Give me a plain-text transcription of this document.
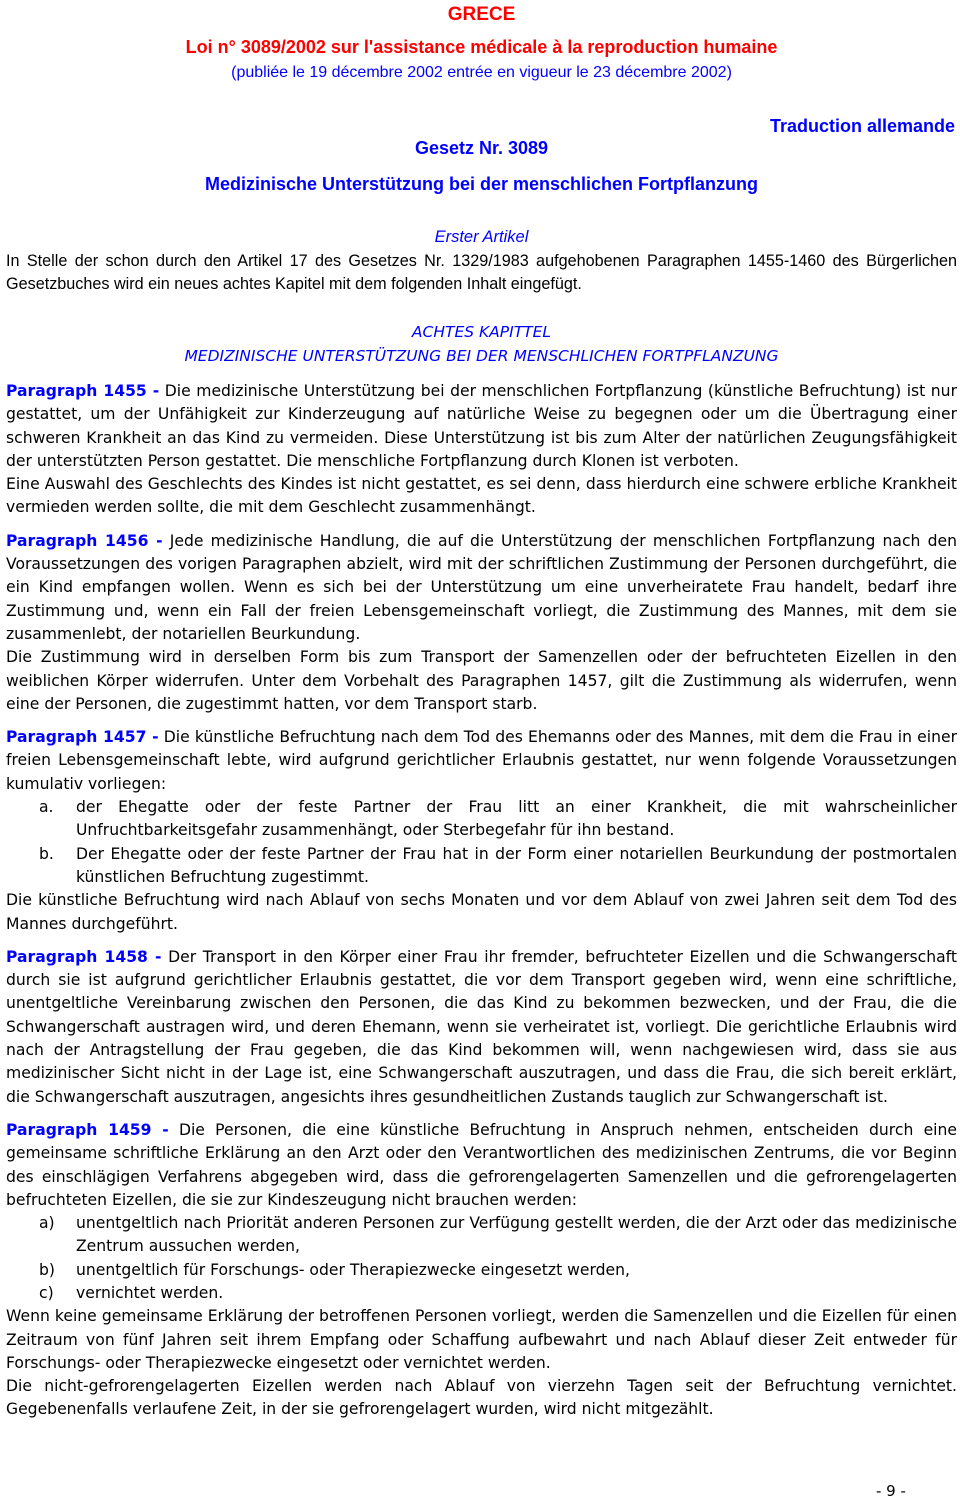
GRECE
Loi n° 3089/2002 sur l'assistance médicale à la reproduction humaine
(publiée le 19 décembre 2002 entrée en vigueur le 23 décembre 2002)
Traduction allemande
Gesetz Nr. 3089
Medizinische Unterstützung bei der menschlichen Fortpflanzung
Erster Artikel
In Stelle der schon durch den Artikel 17 des Gesetzes Nr. 1329/1983 aufgehobenen Paragraphen 1455-1460 des Bürgerlichen Gesetzbuches wird ein neues achtes Kapitel mit dem folgenden Inhalt eingefügt.
ACHTES KAPITTEL
MEDIZINISCHE UNTERSTÜTZUNG BEI DER MENSCHLICHEN FORTPFLANZUNG

Paragraph 1455 - Die medizinische Unterstützung bei der menschlichen Fortpflanzung (künstliche Befruchtung) ist nur gestattet, um der Unfähigkeit zur Kinderzeugung auf natürliche Weise zu begegnen oder um die Übertragung einer schweren Krankheit an das Kind zu vermeiden. Diese Unterstützung ist bis zum Alter der natürlichen Zeugungsfähigkeit der unterstützten Person gestattet. Die menschliche Fortpflanzung durch Klonen ist verboten.

Eine Auswahl des Geschlechts des Kindes ist nicht gestattet, es sei denn, dass hierdurch eine schwere erbliche Krankheit vermieden werden sollte, die mit dem Geschlecht zusammenhängt.

Paragraph 1456 - Jede medizinische Handlung, die auf die Unterstützung der menschlichen Fortpflanzung nach den Voraussetzungen des vorigen Paragraphen abzielt, wird mit der schriftlichen Zustimmung der Personen durchgeführt, die ein Kind empfangen wollen. Wenn es sich bei der Unterstützung um eine unverheiratete Frau handelt, bedarf ihre Zustimmung und, wenn ein Fall der freien Lebensgemeinschaft vorliegt, die Zustimmung des Mannes, mit dem sie zusammenlebt, der notariellen Beurkundung.

Die Zustimmung wird in derselben Form bis zum Transport der Samenzellen oder der befruchteten Eizellen in den weiblichen Körper widerrufen. Unter dem Vorbehalt des Paragraphen 1457, gilt die Zustimmung als widerrufen, wenn eine der Personen, die zugestimmt hatten, vor dem Transport starb.

Paragraph 1457 - Die künstliche Befruchtung nach dem Tod des Ehemanns oder des Mannes, mit dem die Frau in einer freien Lebensgemeinschaft lebte, wird aufgrund gerichtlicher Erlaubnis gestattet, nur wenn folgende Voraussetzungen kumulativ vorliegen:

a.	der Ehegatte oder der feste Partner der Frau litt an einer Krankheit, die mit wahrscheinlicher Unfruchtbarkeitsgefahr zusammenhängt, oder Sterbegefahr für ihn bestand.
b.	Der Ehegatte oder der feste Partner der Frau hat in der Form einer notariellen Beurkundung der postmortalen künstlichen Befruchtung zugestimmt.

Die künstliche Befruchtung wird nach Ablauf von sechs Monaten und vor dem Ablauf von zwei Jahren seit dem Tod des Mannes durchgeführt.

Paragraph 1458 - Der Transport in den Körper einer Frau ihr fremder, befruchteter Eizellen und die Schwangerschaft durch sie ist aufgrund gerichtlicher Erlaubnis gestattet, die vor dem Transport gegeben wird, wenn eine schriftliche, unentgeltliche Vereinbarung zwischen den Personen, die das Kind zu bekommen bezwecken, und der Frau, die die Schwangerschaft austragen wird, und deren Ehemann, wenn sie verheiratet ist, vorliegt. Die gerichtliche Erlaubnis wird nach der Antragstellung der Frau gegeben, die das Kind bekommen will, wenn nachgewiesen wird, dass sie aus medizinischer Sicht nicht in der Lage ist, eine Schwangerschaft auszutragen, und dass die Frau, die sich bereit erklärt, die Schwangerschaft auszutragen, angesichts ihres gesundheitlichen Zustands tauglich zur Schwangerschaft ist.

Paragraph 1459 - Die Personen, die eine künstliche Befruchtung in Anspruch nehmen, entscheiden durch eine gemeinsame schriftliche Erklärung an den Arzt oder den Verantwortlichen des medizinischen Zentrums, die vor Beginn des einschlägigen Verfahrens abgegeben wird, dass die gefrorengelagerten Samenzellen und die gefrorengelagerten befruchteten Eizellen, die sie zur Kindeszeugung nicht brauchen werden:

a)	unentgeltlich nach Priorität anderen Personen zur Verfügung gestellt werden, die der Arzt oder das medizinische Zentrum aussuchen werden,
b)	unentgeltlich für Forschungs- oder Therapiezwecke eingesetzt werden,
c)	vernichtet werden.

Wenn keine gemeinsame Erklärung der betroffenen Personen vorliegt, werden die Samenzellen und die Eizellen für einen Zeitraum von fünf Jahren seit ihrem Empfang oder Schaffung aufbewahrt und nach Ablauf dieser Zeit entweder für Forschungs- oder Therapiezwecke eingesetzt oder vernichtet werden.

Die nicht-gefrorengelagerten Eizellen werden nach Ablauf von vierzehn Tagen seit der Befruchtung vernichtet. Gegebenenfalls verlaufene Zeit, in der sie gefrorengelagert wurden, wird nicht mitgezählt.

- 9 -
